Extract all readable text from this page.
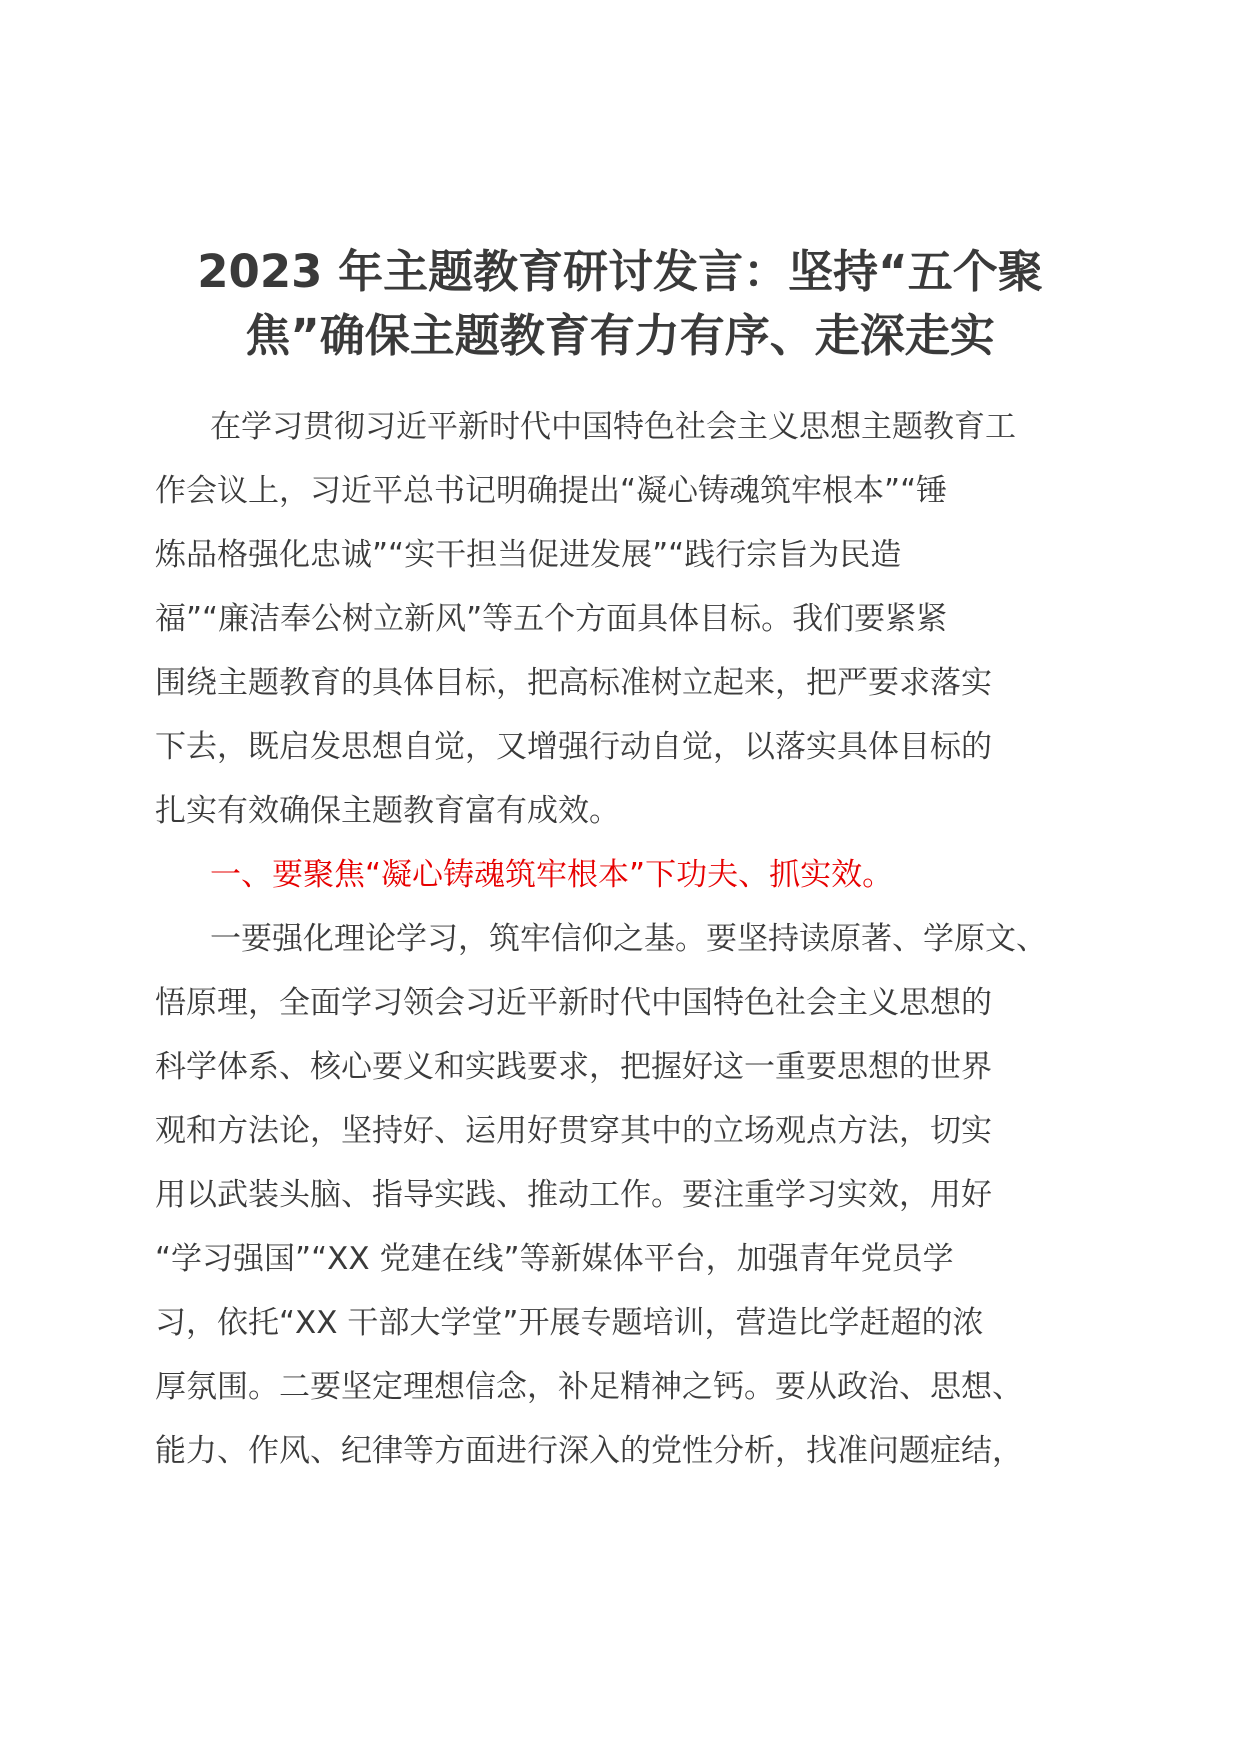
2023 年主题教育研讨发言：坚持“五个聚
焦”确保主题教育有力有序、走深走实
在学习贯彻习近平新时代中国特色社会主义思想主题教育工
作会议上，习近平总书记明确提出“凝心铸魂筑牢根本”“锤
炼品格强化忠诚”“实干担当促进发展”“践行宗旨为民造
福”“廉洁奉公树立新风”等五个方面具体目标。我们要紧紧
围绕主题教育的具体目标，把高标准树立起来，把严要求落实
下去，既启发思想自觉，又增强行动自觉，以落实具体目标的
扎实有效确保主题教育富有成效。
一、要聚焦“凝心铸魂筑牢根本”下功夫、抓实效。
一要强化理论学习，筑牢信仰之基。要坚持读原著、学原文、
悟原理，全面学习领会习近平新时代中国特色社会主义思想的
科学体系、核心要义和实践要求，把握好这一重要思想的世界
观和方法论，坚持好、运用好贯穿其中的立场观点方法，切实
用以武装头脑、指导实践、推动工作。要注重学习实效，用好
“学习强国”“XX 党建在线”等新媒体平台，加强青年党员学
习，依托“XX 干部大学堂”开展专题培训，营造比学赶超的浓
厚氛围。二要坚定理想信念，补足精神之钙。要从政治、思想、
能力、作风、纪律等方面进行深入的党性分析，找准问题症结，
